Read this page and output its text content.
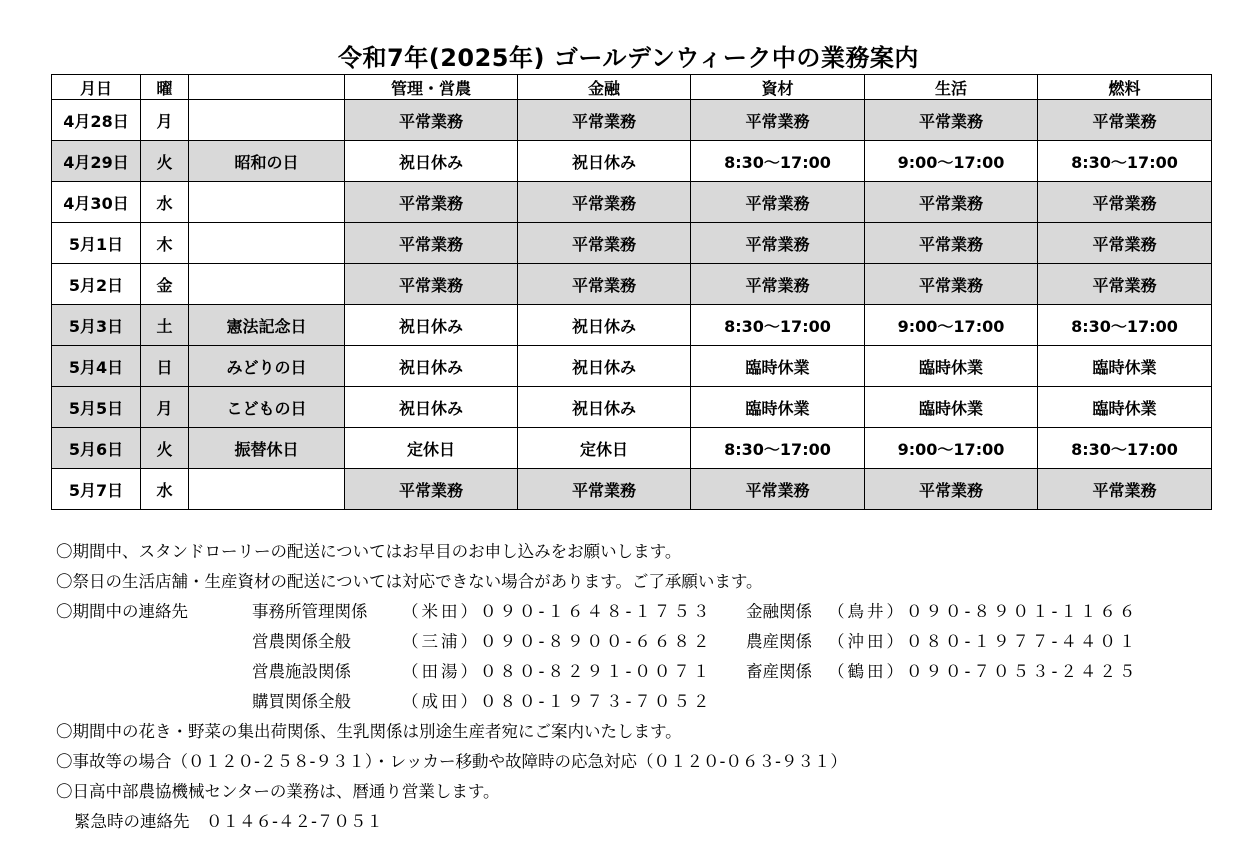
令和7年(2025年) ゴールデンウィーク中の業務案内
月日	曜		管理・営農	金融	資材	生活	燃料
4月28日	月		平常業務	平常業務	平常業務	平常業務	平常業務
4月29日	火	昭和の日	祝日休み	祝日休み	8:30〜17:00	9:00〜17:00	8:30〜17:00
4月30日	水		平常業務	平常業務	平常業務	平常業務	平常業務
5月1日	木		平常業務	平常業務	平常業務	平常業務	平常業務
5月2日	金		平常業務	平常業務	平常業務	平常業務	平常業務
5月3日	土	憲法記念日	祝日休み	祝日休み	8:30〜17:00	9:00〜17:00	8:30〜17:00
5月4日	日	みどりの日	祝日休み	祝日休み	臨時休業	臨時休業	臨時休業
5月5日	月	こどもの日	祝日休み	祝日休み	臨時休業	臨時休業	臨時休業
5月6日	火	振替休日	定休日	定休日	8:30〜17:00	9:00〜17:00	8:30〜17:00
5月7日	水		平常業務	平常業務	平常業務	平常業務	平常業務
〇期間中、スタンドローリーの配送についてはお早目のお申し込みをお願いします。
〇祭日の生活店舗・生産資材の配送については対応できない場合があります。ご了承願います。
〇期間中の連絡先	事務所管理関係	（米田）０９０-１６４８-１７５３ 金融関係 （鳥井）０９０-８９０１-１１６６
営農関係全般	（三浦）０９０-８９００-６６８２ 農産関係 （沖田）０８０-１９７７-４４０１
営農施設関係	（田湯）０８０-８２９１-００７１ 畜産関係 （鶴田）０９０-７０５３-２４２５
購買関係全般	（成田）０８０-１９７３-７０５２
〇期間中の花き・野菜の集出荷関係、生乳関係は別途生産者宛にご案内いたします。
〇事故等の場合（０１２０-２５８-９３１）・レッカー移動や故障時の応急対応（０１２０-０６３-９３１）
〇日高中部農協機械センターの業務は、暦通り営業します。
緊急時の連絡先　０１４６-４２-７０５１
